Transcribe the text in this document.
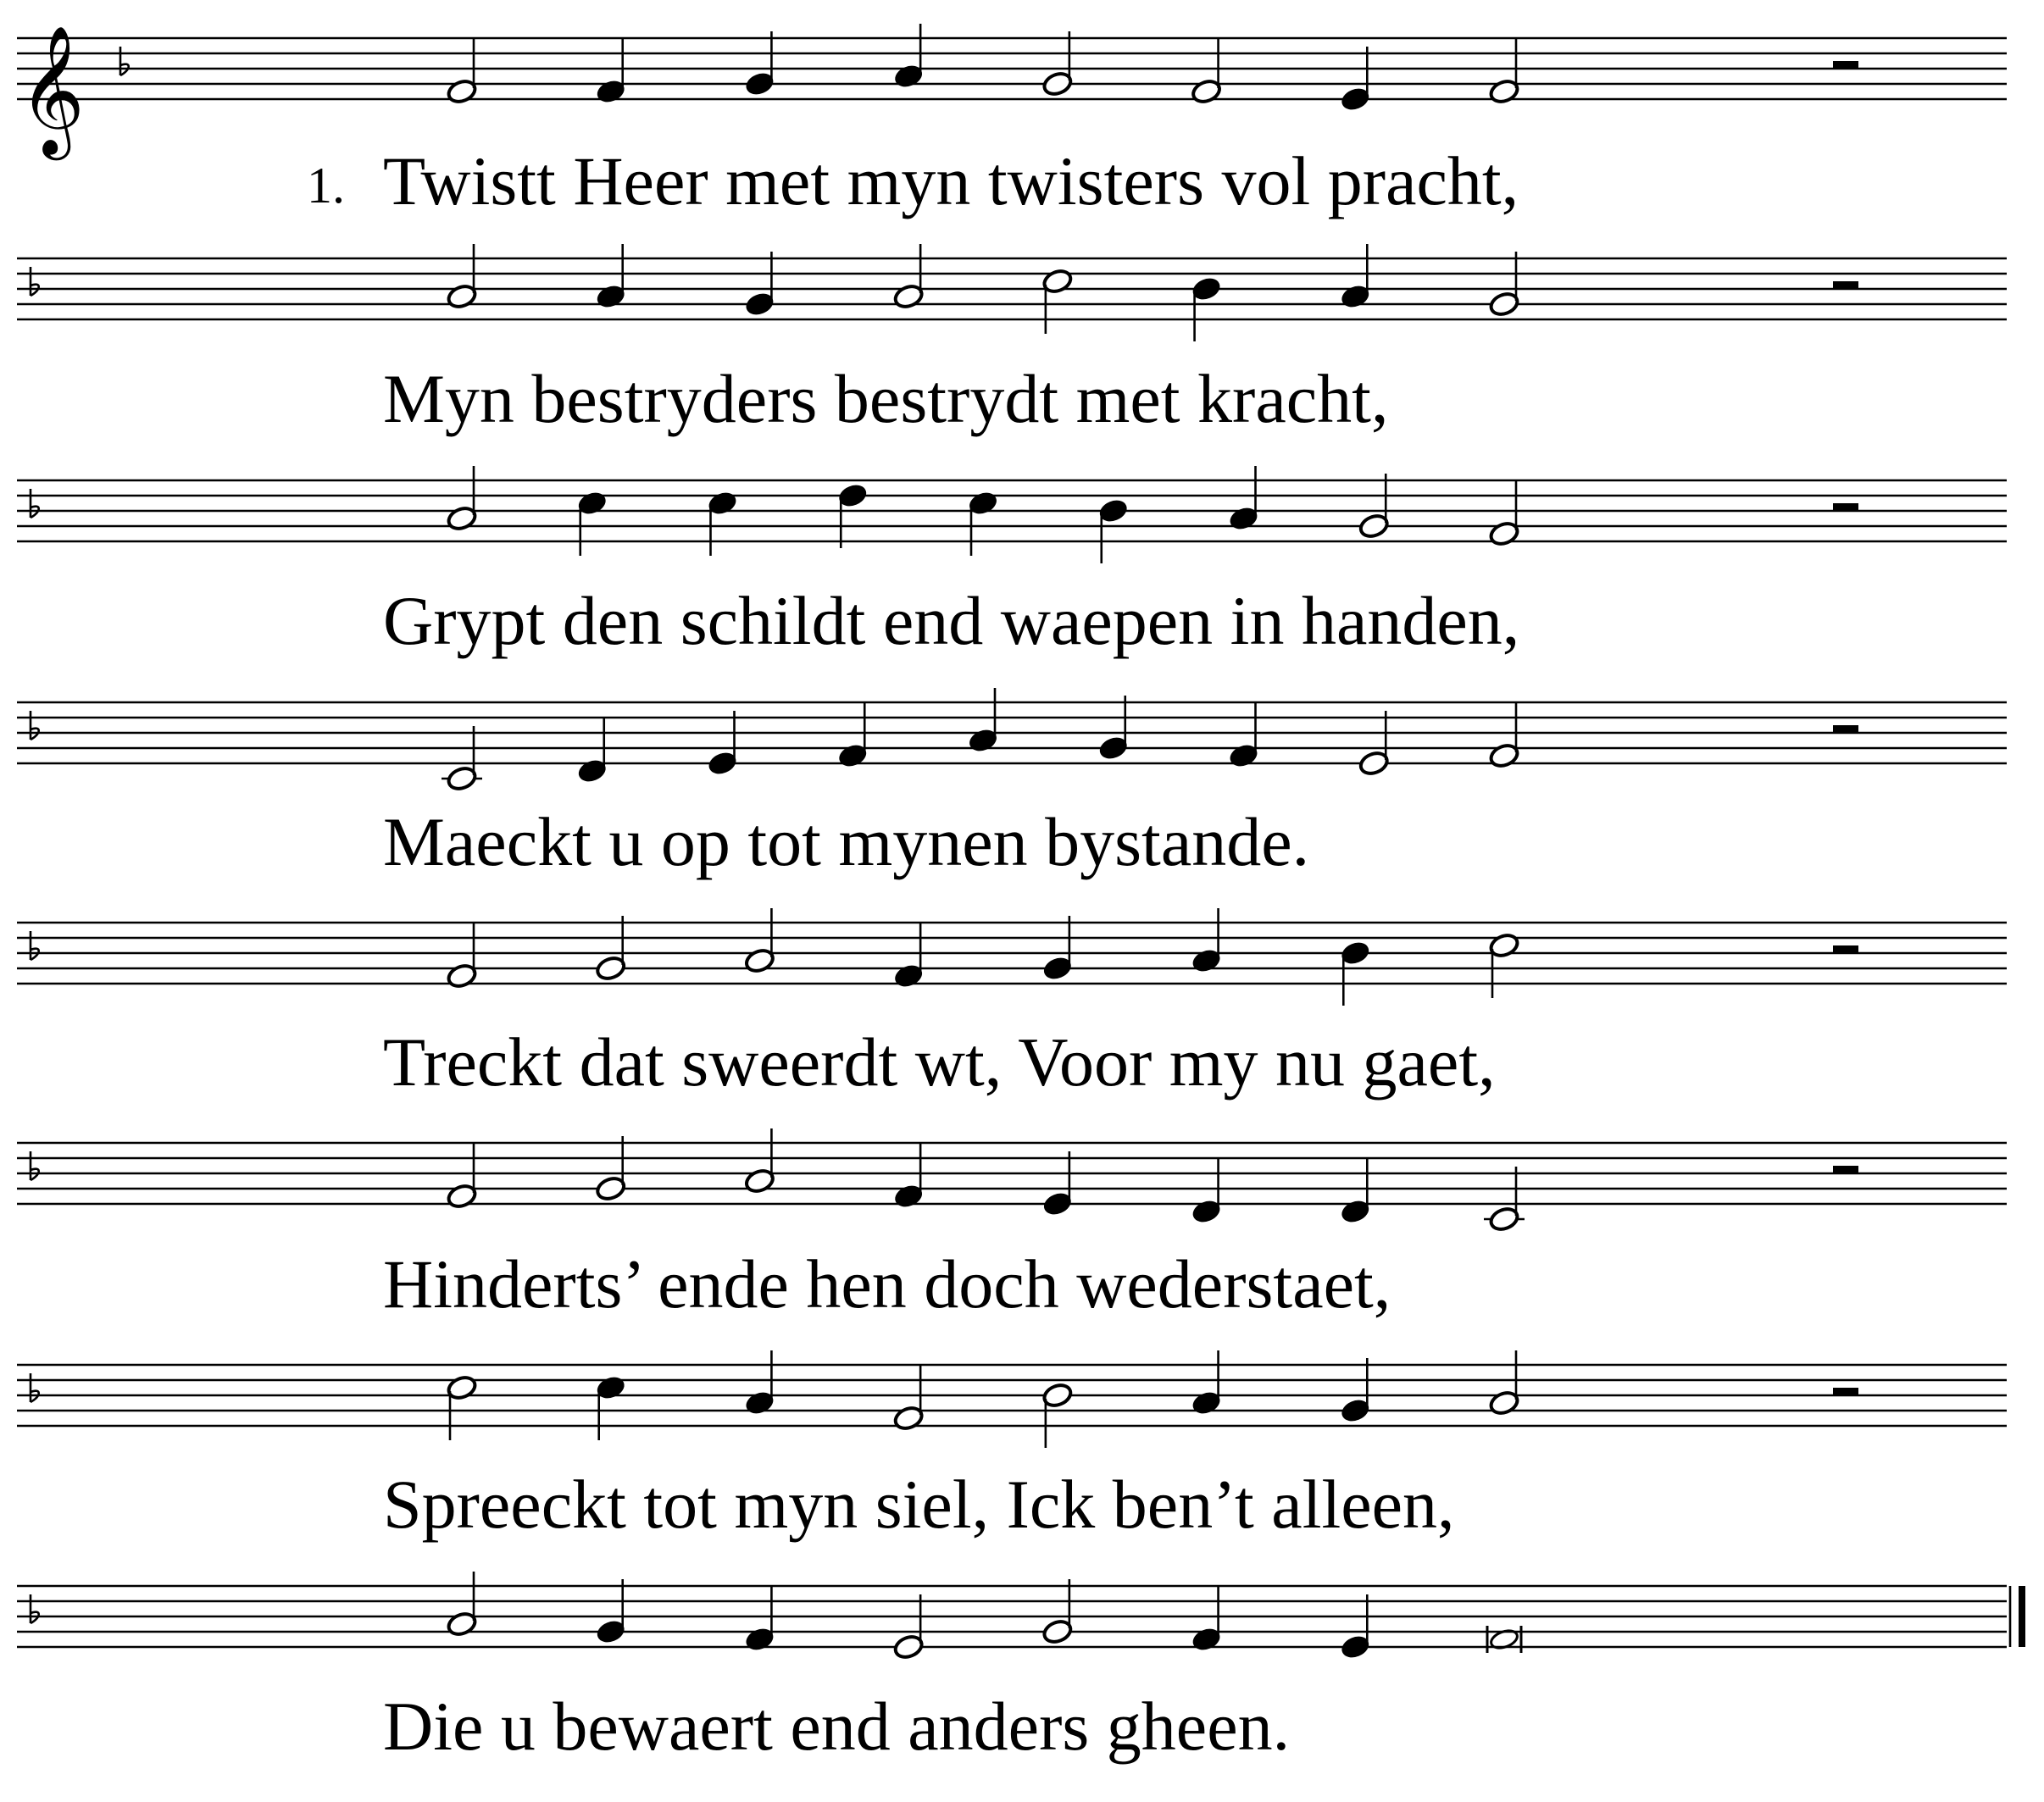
𝄞
Twistt Heer met myn twisters vol pracht,
Myn bestryders bestrydt met kracht,
Grypt den schildt end waepen in handen,
Maeckt u op tot mynen bystande.
Treckt dat sweerdt wt, Voor my nu gaet,
Hinderts’ ende hen doch wederstaet,
Spreeckt tot myn siel, Ick ben’t alleen,
Die u bewaert end anders gheen.
1.
